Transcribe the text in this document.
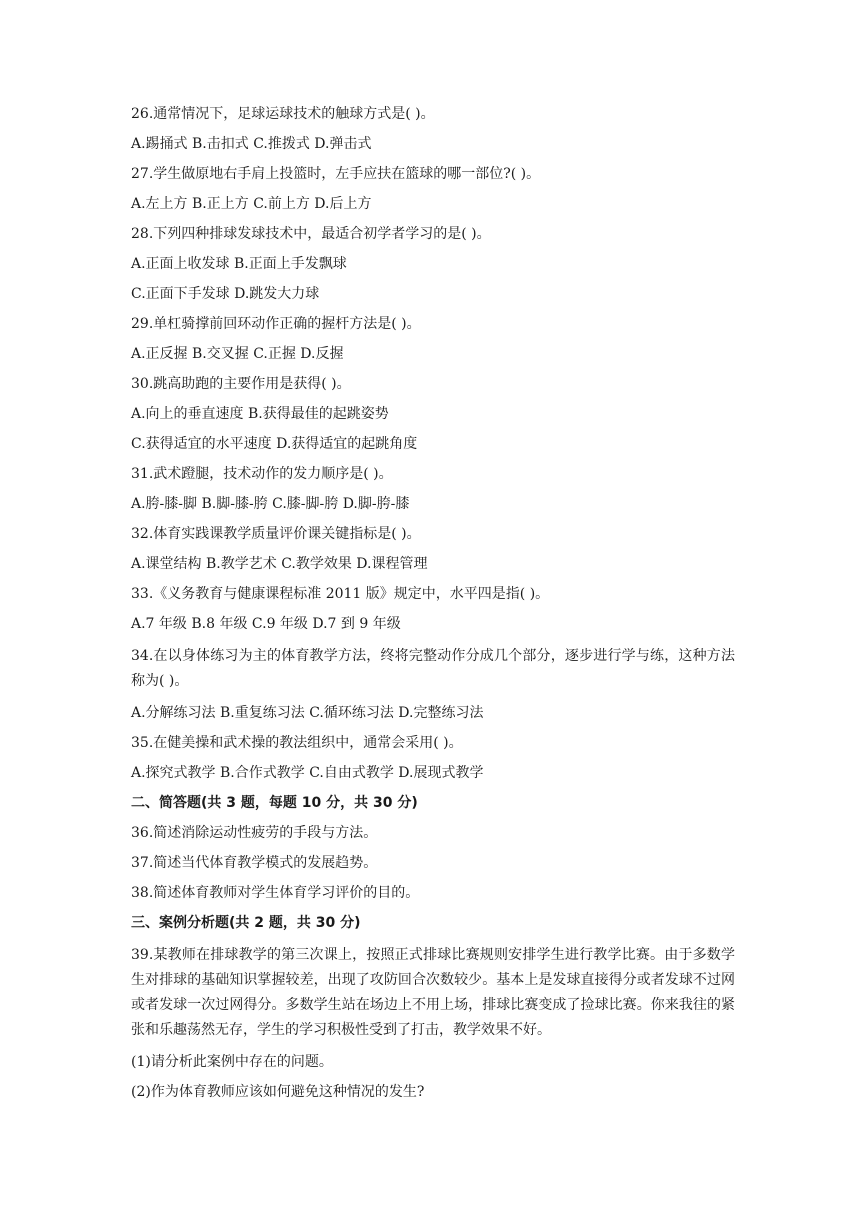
26.通常情况下，足球运球技术的触球方式是( )。

A.踢捅式 B.击扣式 C.推拨式 D.弹击式

27.学生做原地右手肩上投篮时，左手应扶在篮球的哪一部位?( )。

A.左上方 B.正上方 C.前上方 D.后上方

28.下列四种排球发球技术中，最适合初学者学习的是( )。

A.正面上收发球 B.正面上手发飘球

C.正面下手发球 D.跳发大力球

29.单杠骑撑前回环动作正确的握杆方法是( )。

A.正反握 B.交叉握 C.正握 D.反握

30.跳高助跑的主要作用是获得( )。

A.向上的垂直速度 B.获得最佳的起跳姿势

C.获得适宜的水平速度 D.获得适宜的起跳角度

31.武术蹬腿，技术动作的发力顺序是( )。

A.胯-膝-脚 B.脚-膝-胯 C.膝-脚-胯 D.脚-胯-膝

32.体育实践课教学质量评价课关键指标是( )。

A.课堂结构 B.教学艺术 C.教学效果 D.课程管理

33.《义务教育与健康课程标准 2011 版》规定中，水平四是指( )。

A.7 年级 B.8 年级 C.9 年级 D.7 到 9 年级

34.在以身体练习为主的体育教学方法，终将完整动作分成几个部分，逐步进行学与练，这种方法称为( )。

A.分解练习法 B.重复练习法 C.循环练习法 D.完整练习法

35.在健美操和武术操的教法组织中，通常会采用( )。

A.探究式教学 B.合作式教学 C.自由式教学 D.展现式教学

二、简答题(共 3 题，每题 10 分，共 30 分)

36.简述消除运动性疲劳的手段与方法。

37.简述当代体育教学模式的发展趋势。

38.简述体育教师对学生体育学习评价的目的。

三、案例分析题(共 2 题，共 30 分)

39.某教师在排球教学的第三次课上，按照正式排球比赛规则安排学生进行教学比赛。由于多数学生对排球的基础知识掌握较差，出现了攻防回合次数较少。基本上是发球直接得分或者发球不过网或者发球一次过网得分。多数学生站在场边上不用上场，排球比赛变成了捡球比赛。你来我往的紧张和乐趣荡然无存，学生的学习积极性受到了打击，教学效果不好。

(1)请分析此案例中存在的问题。

(2)作为体育教师应该如何避免这种情况的发生?
